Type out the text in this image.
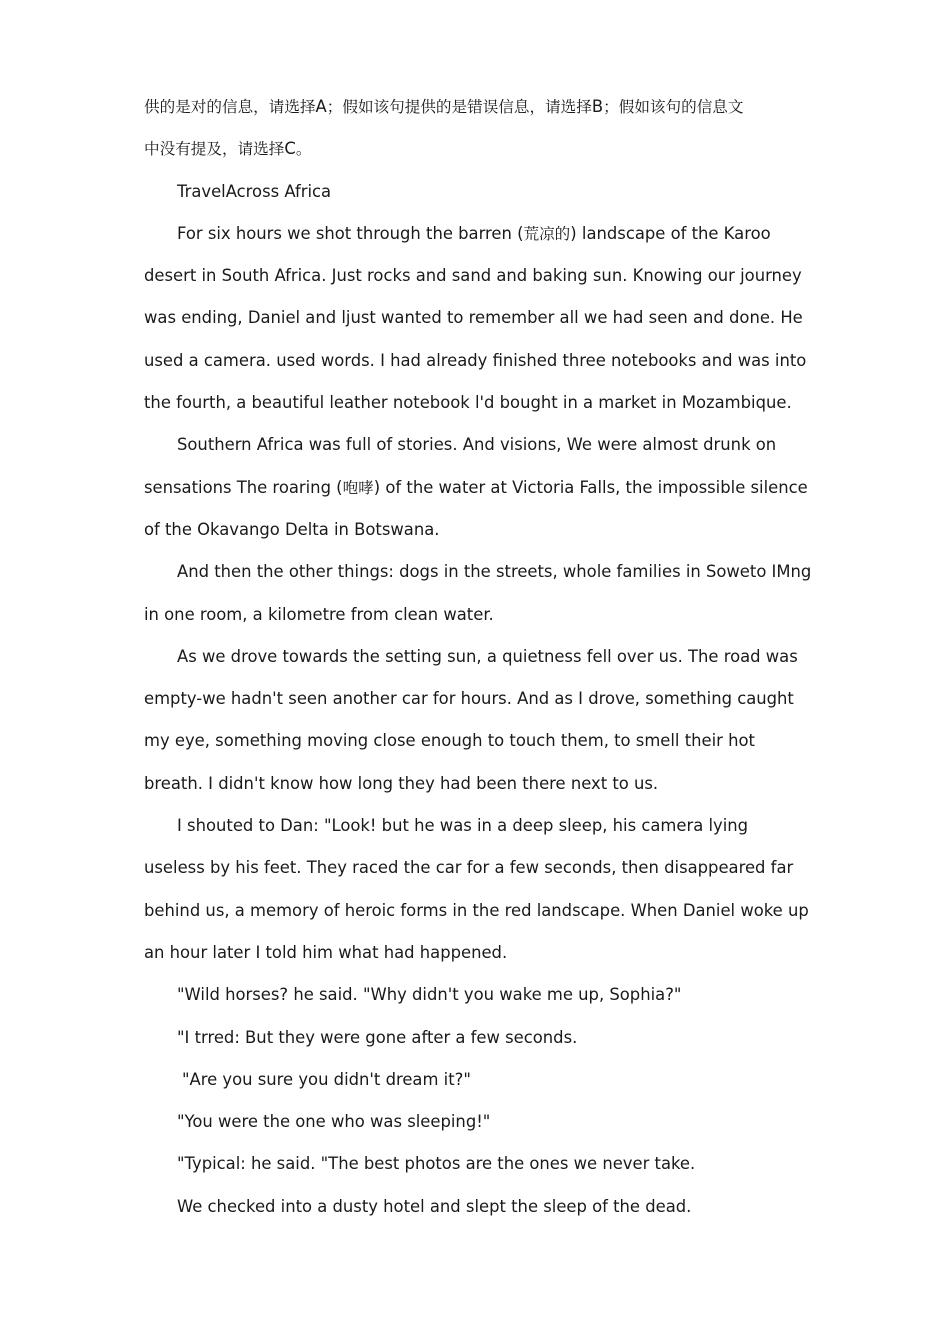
供的是对的信息，请选择A；假如该句提供的是错误信息，请选择B；假如该句的信息文
中没有提及，请选择C。

TravelAcross Africa

For six hours we shot through the barren (荒凉的) landscape of the Karoo desert in South Africa. Just rocks and sand and baking sun. Knowing our journey was ending, Daniel and ljust wanted to remember all we had seen and done. He used a camera. used words. I had already finished three notebooks and was into the fourth, a beautiful leather notebook l'd bought in a market in Mozambique.

Southern Africa was full of stories. And visions, We were almost drunk on sensations The roaring (咆哮) of the water at Victoria Falls, the impossible silence of the Okavango Delta in Botswana.

And then the other things: dogs in the streets, whole families in Soweto IMng in one room, a kilometre from clean water.

As we drove towards the setting sun, a quietness fell over us. The road was empty-we hadn't seen another car for hours. And as I drove, something caught my eye, something moving close enough to touch them, to smell their hot breath. I didn't know how long they had been there next to us.

I shouted to Dan: "Look! but he was in a deep sleep, his camera lying useless by his feet. They raced the car for a few seconds, then disappeared far behind us, a memory of heroic forms in the red landscape. When Daniel woke up an hour later I told him what had happened.

"Wild horses? he said. "Why didn't you wake me up, Sophia?"

"I trred: But they were gone after a few seconds.

"Are you sure you didn't dream it?"

"You were the one who was sleeping!"

"Typical: he said. "The best photos are the ones we never take.

We checked into a dusty hotel and slept the sleep of the dead.
